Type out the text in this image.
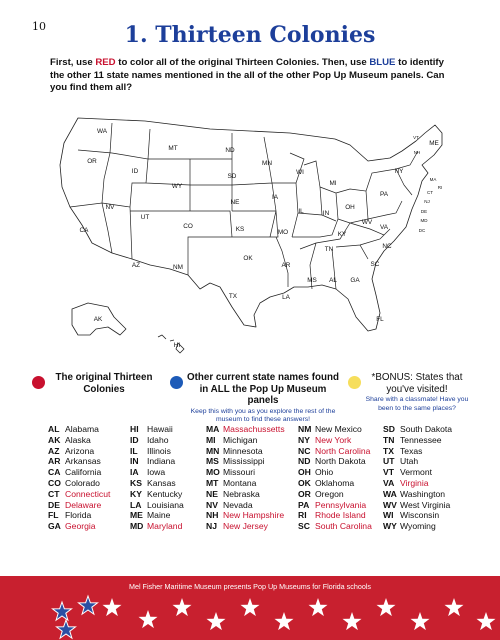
10	1. Thirteen Colonies
First, use RED to color all of the original Thirteen Colonies. Then, use BLUE to identify the other 11 state names mentioned in the all of the other Pop Up Museum panels. Can you find them all?
WA
OR
CA
NV
ID
MT
WY
UT
CO
AZ	NM
ND
SD
NE
KS
OK
TX
MN
IA
MO
AR
LA
WI
IL
MI
IN
OH
KY
TN
MS AL GA
FL
SC
NC
VA
WV
PA
NY
VT
NH
ME
MA
RI
CT
NJ
DE
MD
DC
AK
HI
The original Thirteen Colonies
Other current state names found in ALL the Pop Up Museum panels
Keep this with you as you explore the rest of the museum to find these answers!
*BONUS: States that you've visited!
Share with a classmate! Have you been to the same places?
AL Alabama
AK Alaska
AZ Arizona
AR Arkansas
CA California
CO Colorado
CT Connecticut
DE Delaware
FL Florida
GA Georgia
HI Hawaii
ID Idaho
IL Illinois
IN Indiana
IA Iowa
KS Kansas
KY Kentucky
LA Louisiana
ME Maine
MD Maryland
MA Massachussetts
MI Michigan
MN Minnesota
MS Mississippi
MO Missouri
MT Montana
NE Nebraska
NV Nevada
NH New Hampshire
NJ New Jersey
NM New Mexico
NY New York
NC North Carolina
ND North Dakota
OH Ohio
OK Oklahoma
OR Oregon
PA Pennsylvania
RI Rhode Island
SC South Carolina
SD South Dakota
TN Tennessee
TX Texas
UT Utah
VT Vermont
VA Virginia
WA Washington
WV West Virginia
WI Wisconsin
WY Wyoming
Mel Fisher Maritime Museum presents Pop Up Museums for Florida schools
